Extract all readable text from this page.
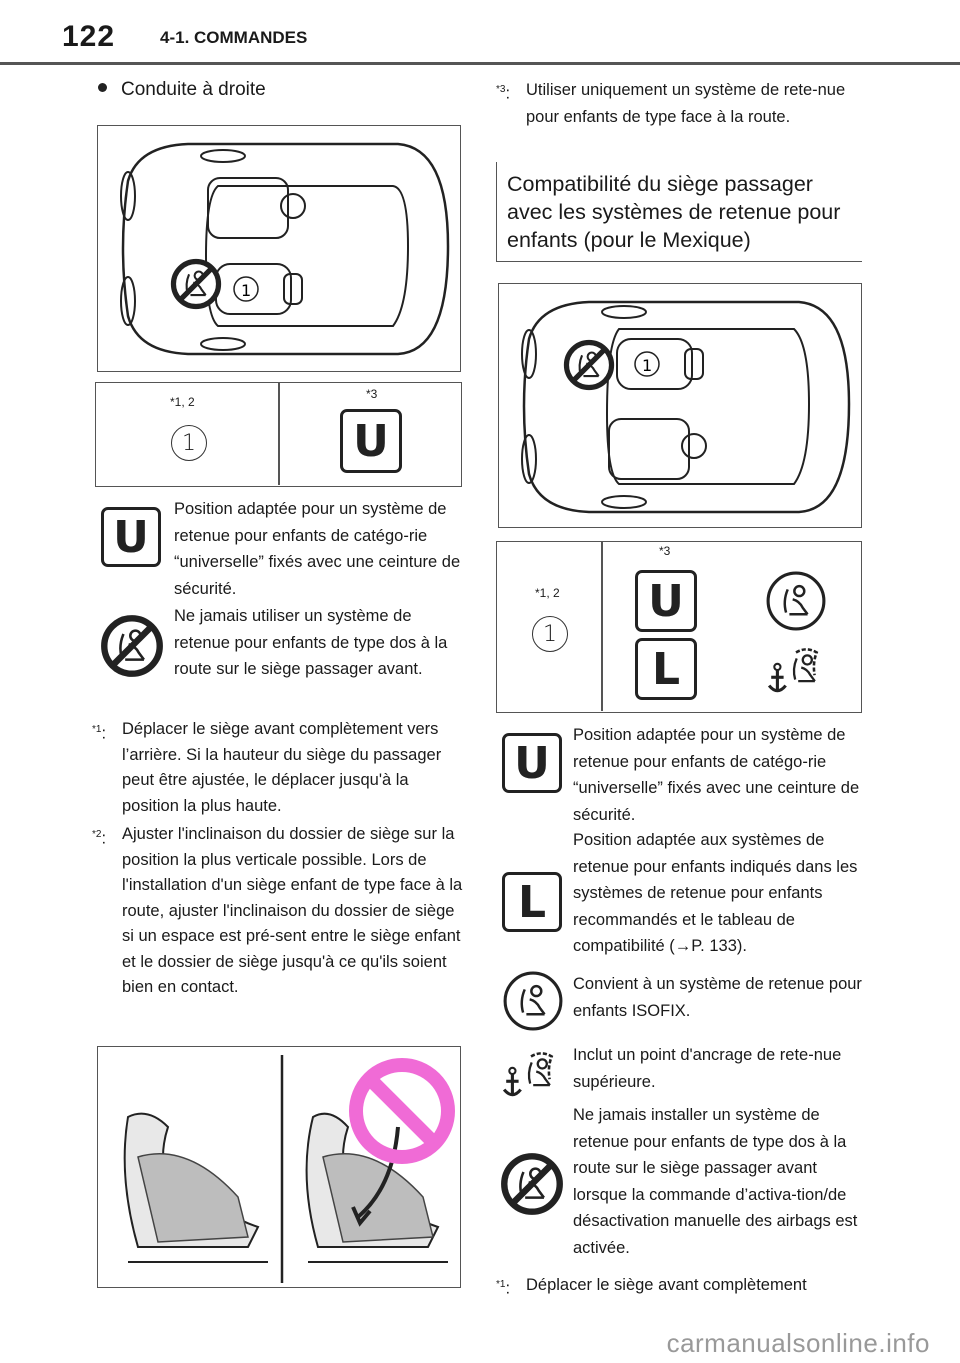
122	4-1. COMMANDES
Conduite à droite
1
*1, 2
1
*3
U
U
Position adaptée pour un système de retenue pour enfants de catégo-rie “universelle” fixés avec une ceinture de sécurité.
Ne jamais utiliser un système de retenue pour enfants de type dos à la route sur le siège passager avant.
$^{*1}$: Déplacer le siège avant complètement vers l’arrière. Si la hauteur du siège du passager peut être ajustée, le déplacer jusqu'à la position la plus haute.
$^{*2}$: Ajuster l'inclinaison du dossier de siège sur la position la plus verticale possible. Lors de l'installation d'un siège enfant de type face à la route, ajuster l'inclinaison du dossier de siège si un espace est pré-sent entre le siège enfant et le dossier de siège jusqu'à ce qu'ils soient bien en contact.
$^{*3}$: Utiliser uniquement un système de rete-nue pour enfants de type face à la route.
Compatibilité du siège passager avec les systèmes de retenue pour enfants (pour le Mexique)
1
*1, 2
1
*3
U
L
U
Position adaptée pour un système de retenue pour enfants de catégo-rie “universelle” fixés avec une ceinture de sécurité.
L
Position adaptée aux systèmes de retenue pour enfants indiqués dans les systèmes de retenue pour enfants recommandés et le tableau de compatibilité (→P. 133).
Convient à un système de retenue pour enfants ISOFIX.
Inclut un point d'ancrage de rete-nue supérieure.
Ne jamais installer un système de retenue pour enfants de type dos à la route sur le siège passager avant lorsque la commande d’activa-tion/de désactivation manuelle des airbags est activée.
$^{*1}$: Déplacer le siège avant complètement
carmanualsonline.info
